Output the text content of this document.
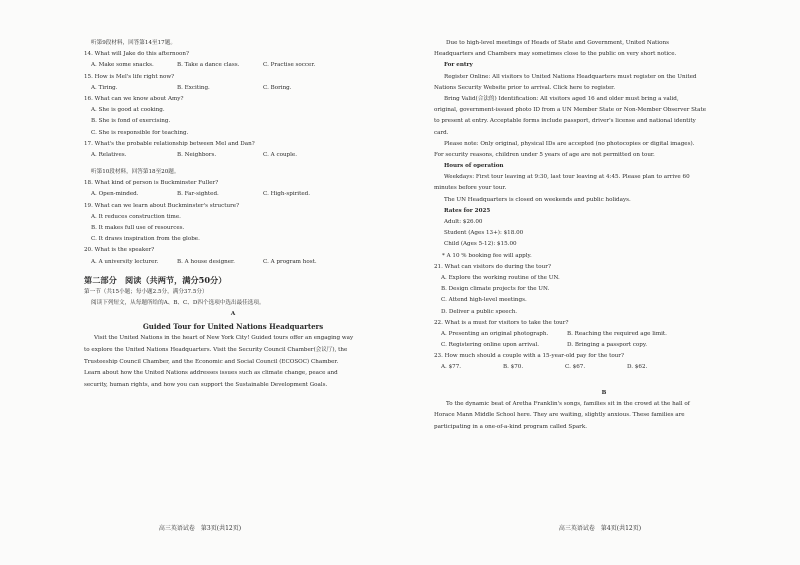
听第9段材料，回答第14至17题。
14. What will Jake do this afternoon?
A. Make some snacks.	B. Take a dance class.	C. Practise soccer.
15. How is Mel's life right now?
A. Tiring.	B. Exciting.	C. Boring.
16. What can we know about Amy?
A. She is good at cooking.
B. She is fond of exercising.
C. She is responsible for teaching.
17. What's the probable relationship between Mel and Dan?
A. Relatives.	B. Neighbors.	C. A couple.
听第10段材料，回答第18至20题。
18. What kind of person is Buckminster Fuller?
A. Open-minded.	B. Far-sighted.	C. High-spirited.
19. What can we learn about Buckminster's structure?
A. It reduces construction time.
B. It makes full use of resources.
C. It draws inspiration from the globe.
20. What is the speaker?
A. A university lecturer.	B. A house designer.	C. A program host.
第二部分　阅读（共两节，满分50分）
第一节（共15小题；每小题2.5分，满分37.5分）
阅读下列短文，从每题所给的A、B、C、D四个选项中选出最佳选项。
A
Guided Tour for United Nations Headquarters
Visit the United Nations in the heart of New York City! Guided tours offer an engaging way
to explore the United Nations Headquarters. Visit the Security Council Chamber(会议厅), the
Trusteeship Council Chamber, and the Economic and Social Council (ECOSOC) Chamber.
Learn about how the United Nations addresses issues such as climate change, peace and
security, human rights, and how you can support the Sustainable Development Goals.
高三英语试卷　第3页(共12页)
Due to high-level meetings of Heads of State and Government, United Nations
Headquarters and Chambers may sometimes close to the public on very short notice.
For entry
Register Online: All visitors to United Nations Headquarters must register on the United
Nations Security Website prior to arrival. Click here to register.
Bring Valid(合法的) Identification: All visitors aged 16 and older must bring a valid,
original, government-issued photo ID from a UN Member State or Non-Member Observer State
to present at entry. Acceptable forms include passport, driver's license and national identity
card.
Please note: Only original, physical IDs are accepted (no photocopies or digital images).
For security reasons, children under 5 years of age are not permitted on tour.
Hours of operation
Weekdays: First tour leaving at 9:30, last tour leaving at 4:45. Please plan to arrive 60
minutes before your tour.
The UN Headquarters is closed on weekends and public holidays.
Rates for 2025
Adult: $26.00
Student (Ages 13+): $18.00
Child (Ages 5-12): $15.00
* A 10 % booking fee will apply.
21. What can visitors do during the tour?
A. Explore the working routine of the UN.
B. Design climate projects for the UN.
C. Attend high-level meetings.
D. Deliver a public speech.
22. What is a must for visitors to take the tour?
A. Presenting an original photograph.	B. Reaching the required age limit.
C. Registering online upon arrival.	D. Bringing a passport copy.
23. How much should a couple with a 15-year-old pay for the tour?
A. $77.	B. $70.	C. $67.	D. $62.
B
To the dynamic beat of Aretha Franklin's songs, families sit in the crowd at the hall of
Horace Mann Middle School here. They are waiting, slightly anxious. These families are
participating in a one-of-a-kind program called Spark.
高三英语试卷　第4页(共12页)
